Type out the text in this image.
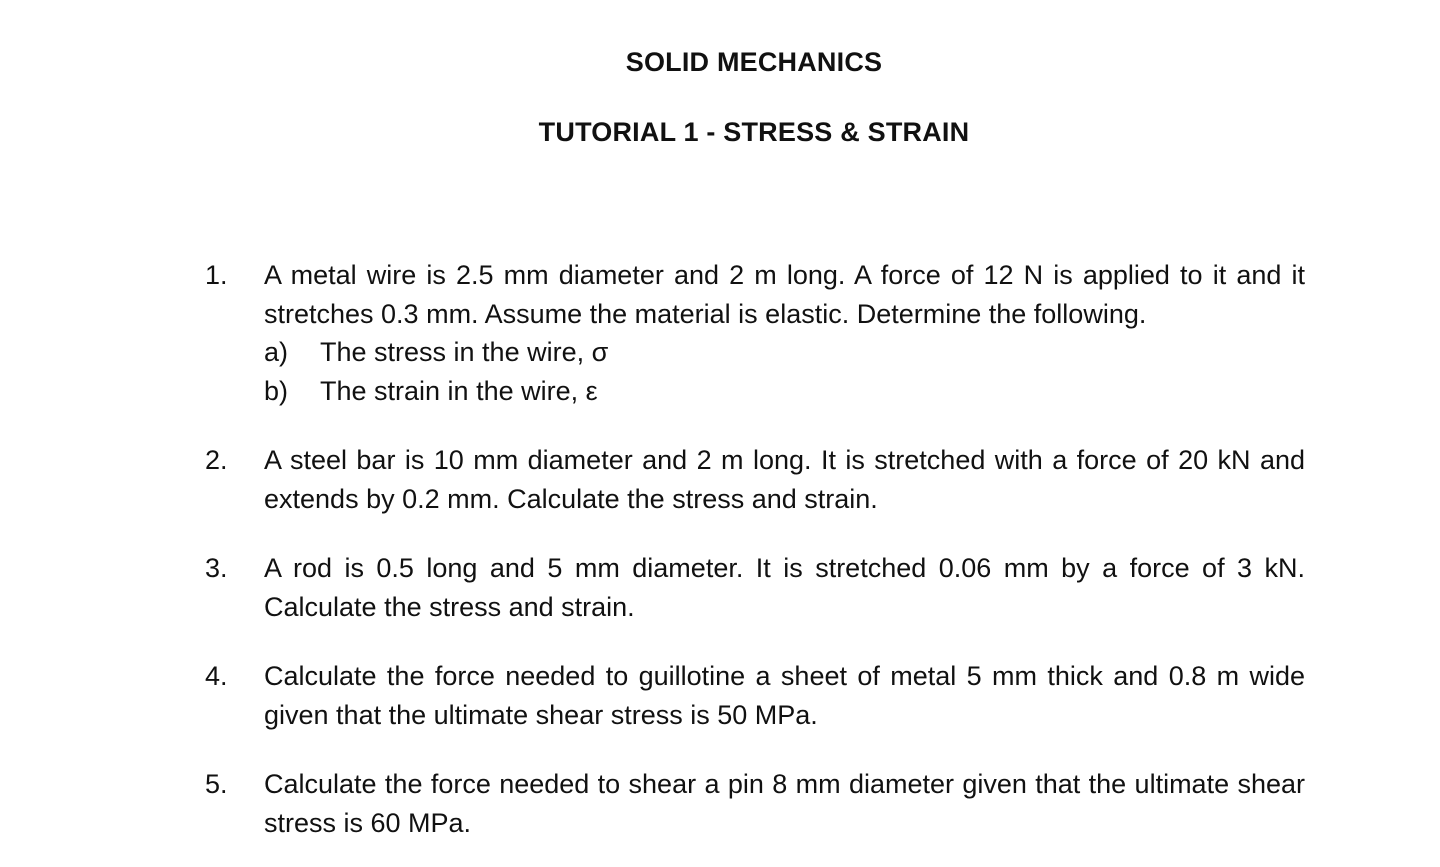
SOLID MECHANICS
TUTORIAL 1 - STRESS & STRAIN
1. A metal wire is 2.5 mm diameter and 2 m long. A force of 12 N is applied to it and it stretches 0.3 mm. Assume the material is elastic. Determine the following.
a) The stress in the wire, σ
b) The strain in the wire, ε
2. A steel bar is 10 mm diameter and 2 m long. It is stretched with a force of 20 kN and extends by 0.2 mm. Calculate the stress and strain.
3. A rod is 0.5 long and 5 mm diameter. It is stretched 0.06 mm by a force of 3 kN. Calculate the stress and strain.
4. Calculate the force needed to guillotine a sheet of metal 5 mm thick and 0.8 m wide given that the ultimate shear stress is 50 MPa.
5. Calculate the force needed to shear a pin 8 mm diameter given that the ultimate shear stress is 60 MPa.
